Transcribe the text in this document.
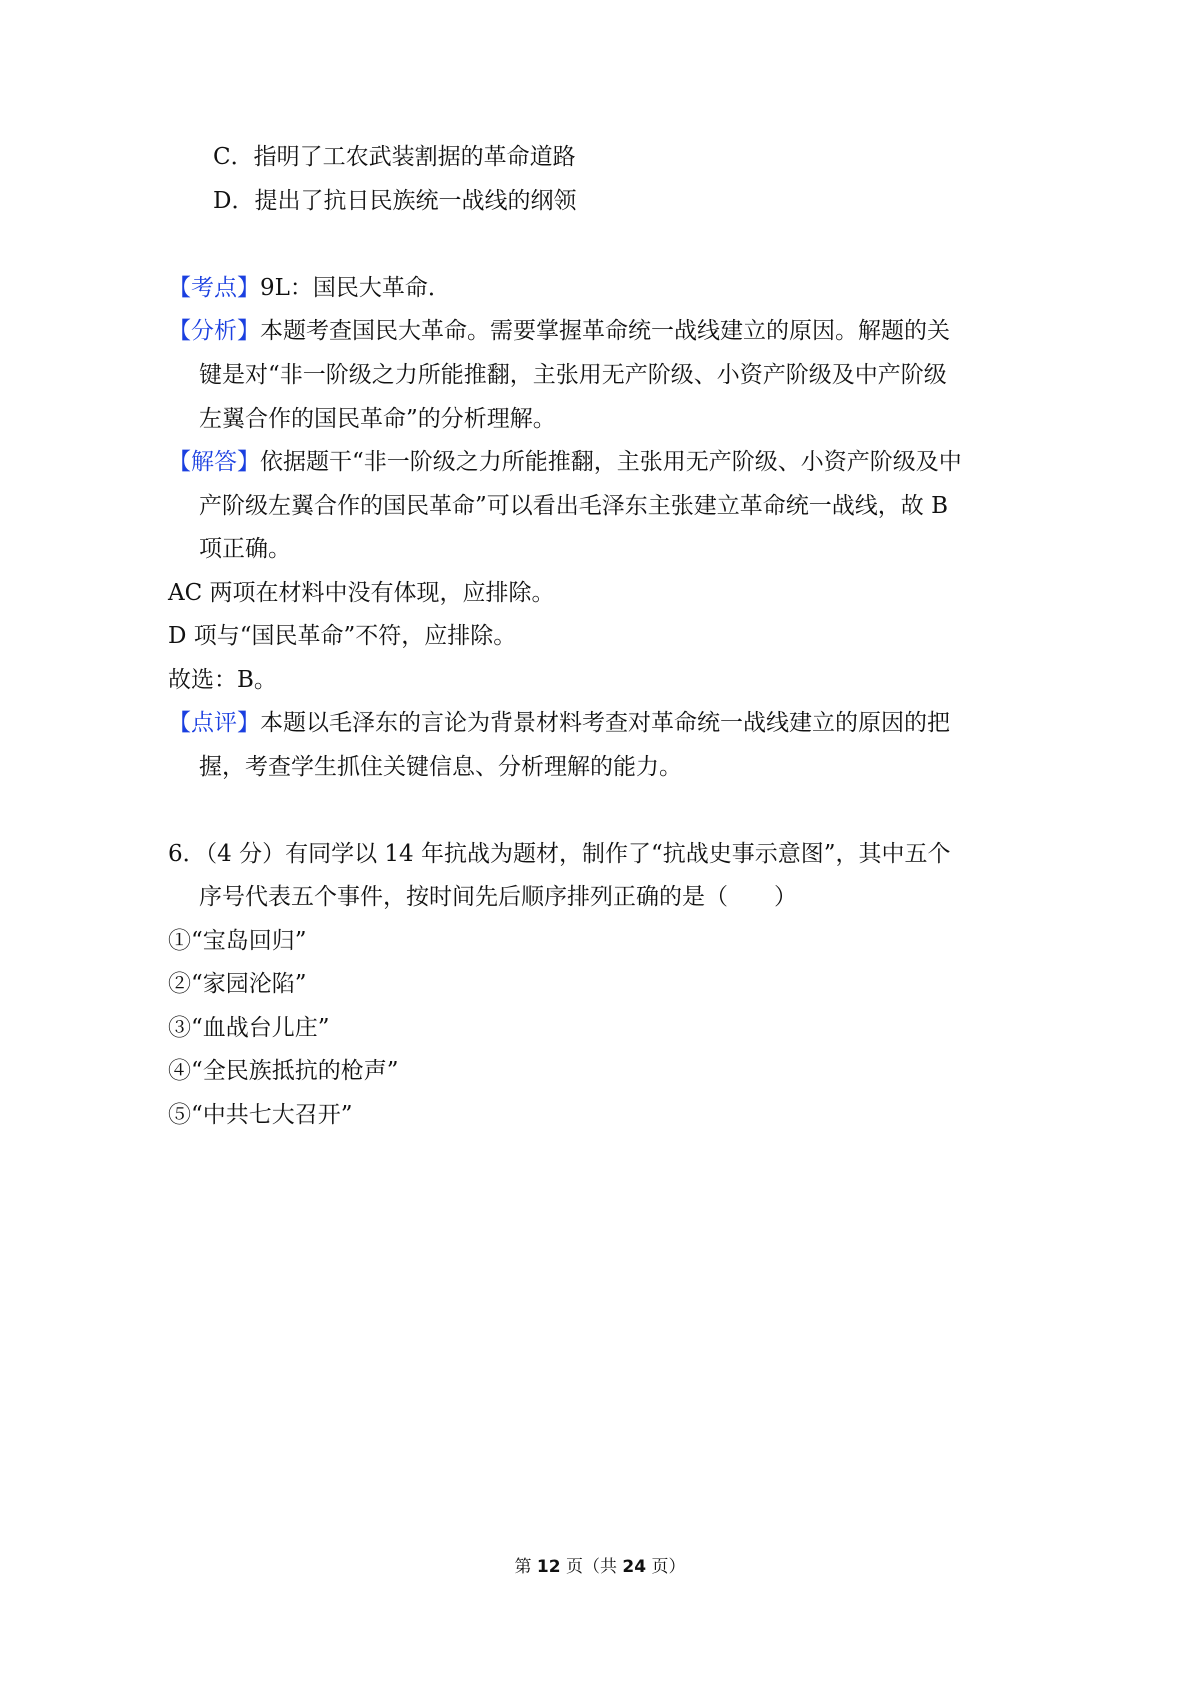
C．指明了工农武装割据的革命道路
D．提出了抗日民族统一战线的纲领
【考点】9L：国民大革命．
【分析】本题考查国民大革命。需要掌握革命统一战线建立的原因。解题的关
键是对“非一阶级之力所能推翻，主张用无产阶级、小资产阶级及中产阶级
左翼合作的国民革命”的分析理解。
【解答】依据题干“非一阶级之力所能推翻，主张用无产阶级、小资产阶级及中
产阶级左翼合作的国民革命”可以看出毛泽东主张建立革命统一战线，故 B
项正确。
AC 两项在材料中没有体现，应排除。
D 项与“国民革命”不符，应排除。
故选：B。
【点评】本题以毛泽东的言论为背景材料考查对革命统一战线建立的原因的把
握，考查学生抓住关键信息、分析理解的能力。
6．（4 分）有同学以 14 年抗战为题材，制作了“抗战史事示意图”，其中五个
序号代表五个事件，按时间先后顺序排列正确的是（　　）
①“宝岛回归”
②“家园沦陷”
③“血战台儿庄”
④“全民族抵抗的枪声”
⑤“中共七大召开”
第 12 页（共 24 页）
